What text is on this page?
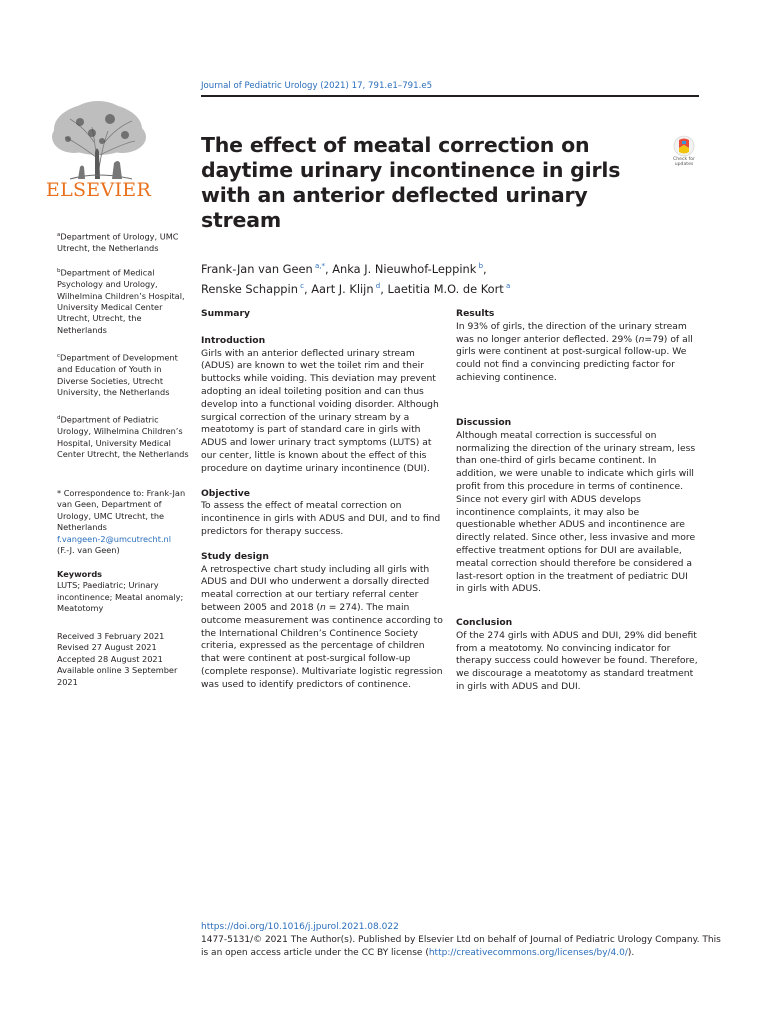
Journal of Pediatric Urology (2021) 17, 791.e1–791.e5
ELSEVIER
The effect of meatal correction on daytime urinary incontinence in girls with an anterior deflected urinary stream
Check for updates
Frank-Jan van Geen $^{a,*}$, Anka J. Nieuwhof-Leppink $^b$,
Renske Schappin $^c$, Aart J. Klijn $^d$, Laetitia M.O. de Kort $^a$
$^a$Department of Urology, UMC Utrecht, the Netherlands
$^b$Department of Medical Psychology and Urology, Wilhelmina Children’s Hospital, University Medical Center Utrecht, Utrecht, the Netherlands
$^c$Department of Development and Education of Youth in Diverse Societies, Utrecht University, the Netherlands
$^d$Department of Pediatric Urology, Wilhelmina Children’s Hospital, University Medical Center Utrecht, the Netherlands
* Correspondence to: Frank-Jan van Geen, Department of Urology, UMC Utrecht, the Netherlands
f.vangeen-2@umcutrecht.nl
(F.-J. van Geen)
Keywords
LUTS; Paediatric; Urinary incontinence; Meatal anomaly; Meatotomy
Received 3 February 2021
Revised 27 August 2021
Accepted 28 August 2021
Available online 3 September 2021

Summary

Introduction

Girls with an anterior deflected urinary stream (ADUS) are known to wet the toilet rim and their buttocks while voiding. This deviation may prevent adopting an ideal toileting position and can thus develop into a functional voiding disorder. Although surgical correction of the urinary stream by a meatotomy is part of standard care in girls with ADUS and lower urinary tract symptoms (LUTS) at our center, little is known about the effect of this procedure on daytime urinary incontinence (DUI).

Objective

To assess the effect of meatal correction on incontinence in girls with ADUS and DUI, and to find predictors for therapy success.

Study design

A retrospective chart study including all girls with ADUS and DUI who underwent a dorsally directed meatal correction at our tertiary referral center between 2005 and 2018 (n = 274). The main outcome measurement was continence according to the International Children’s Continence Society criteria, expressed as the percentage of children that were continent at post-surgical follow-up (complete response). Multivariate logistic regression was used to identify predictors of continence.

Results

In 93% of girls, the direction of the urinary stream was no longer anterior deflected. 29% (n=79) of all girls were continent at post-surgical follow-up. We could not find a convincing predicting factor for achieving continence.

Discussion

Although meatal correction is successful on normalizing the direction of the urinary stream, less than one-third of girls became continent. In addition, we were unable to indicate which girls will profit from this procedure in terms of continence. Since not every girl with ADUS develops incontinence complaints, it may also be questionable whether ADUS and incontinence are directly related. Since other, less invasive and more effective treatment options for DUI are available, meatal correction should therefore be considered a last-resort option in the treatment of pediatric DUI in girls with ADUS.

Conclusion

Of the 274 girls with ADUS and DUI, 29% did benefit from a meatotomy. No convincing indicator for therapy success could however be found. Therefore, we discourage a meatotomy as standard treatment in girls with ADUS and DUI.

https://doi.org/10.1016/j.jpurol.2021.08.022
1477-5131/© 2021 The Author(s). Published by Elsevier Ltd on behalf of Journal of Pediatric Urology Company. This is an open access article under the CC BY license (http://creativecommons.org/licenses/by/4.0/).
